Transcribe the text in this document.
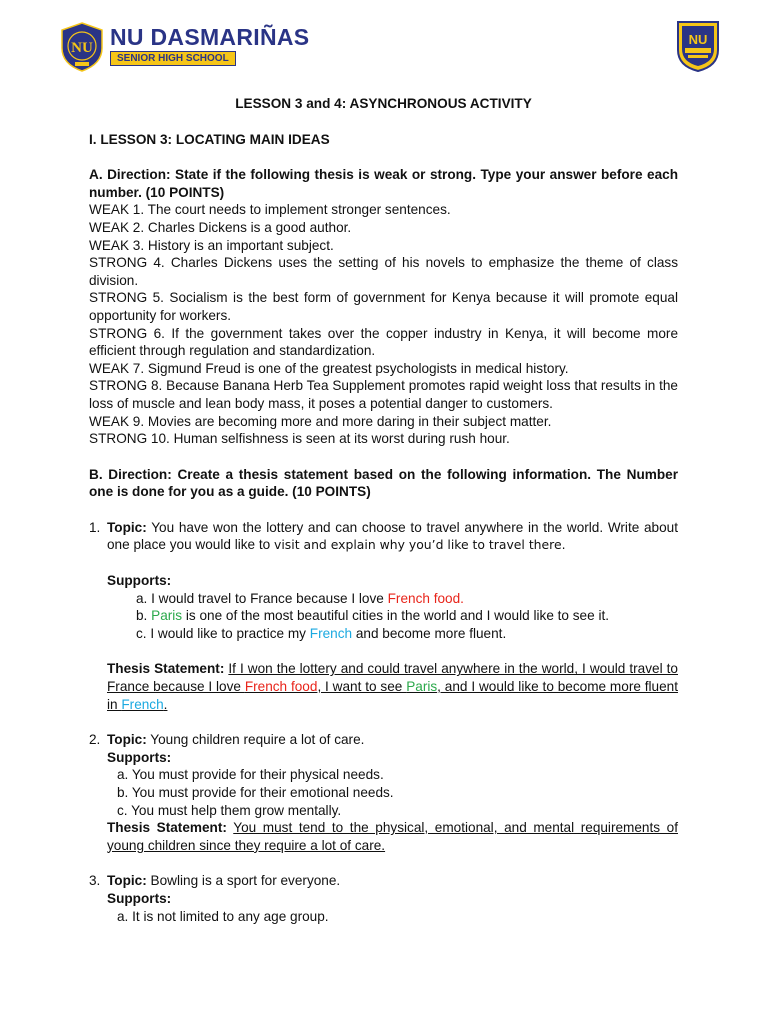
NU NU DASMARIÑAS
SENIOR HIGH SCHOOL
NU

LESSON 3 and 4: ASYNCHRONOUS ACTIVITY

I. LESSON 3: LOCATING MAIN IDEAS

A. Direction: State if the following thesis is weak or strong. Type your answer before each number. (10 POINTS)

WEAK 1. The court needs to implement stronger sentences.

WEAK 2. Charles Dickens is a good author.

WEAK 3. History is an important subject.

STRONG 4. Charles Dickens uses the setting of his novels to emphasize the theme of class division.

STRONG 5. Socialism is the best form of government for Kenya because it will promote equal opportunity for workers.

STRONG 6. If the government takes over the copper industry in Kenya, it will become more efficient through regulation and standardization.

WEAK 7. Sigmund Freud is one of the greatest psychologists in medical history.

STRONG 8. Because Banana Herb Tea Supplement promotes rapid weight loss that results in the loss of muscle and lean body mass, it poses a potential danger to customers.

WEAK 9. Movies are becoming more and more daring in their subject matter.

STRONG 10. Human selfishness is seen at its worst during rush hour.

B. Direction: Create a thesis statement based on the following information. The Number one is done for you as a guide. (10 POINTS)

1. Topic: You have won the lottery and can choose to travel anywhere in the world. Write about one place you would like to visit and explain why you’d like to travel there.

Supports:

a. I would travel to France because I love French food.

b. Paris is one of the most beautiful cities in the world and I would like to see it.

c. I would like to practice my French and become more fluent.

Thesis Statement: If I won the lottery and could travel anywhere in the world, I would travel to France because I love French food, I want to see Paris, and I would like to become more fluent in French.

2. Topic: Young children require a lot of care.

Supports:

a. You must provide for their physical needs.

b. You must provide for their emotional needs.

c. You must help them grow mentally.

Thesis Statement: You must tend to the physical, emotional, and mental requirements of young children since they require a lot of care.

3. Topic: Bowling is a sport for everyone.

Supports:

a. It is not limited to any age group.
